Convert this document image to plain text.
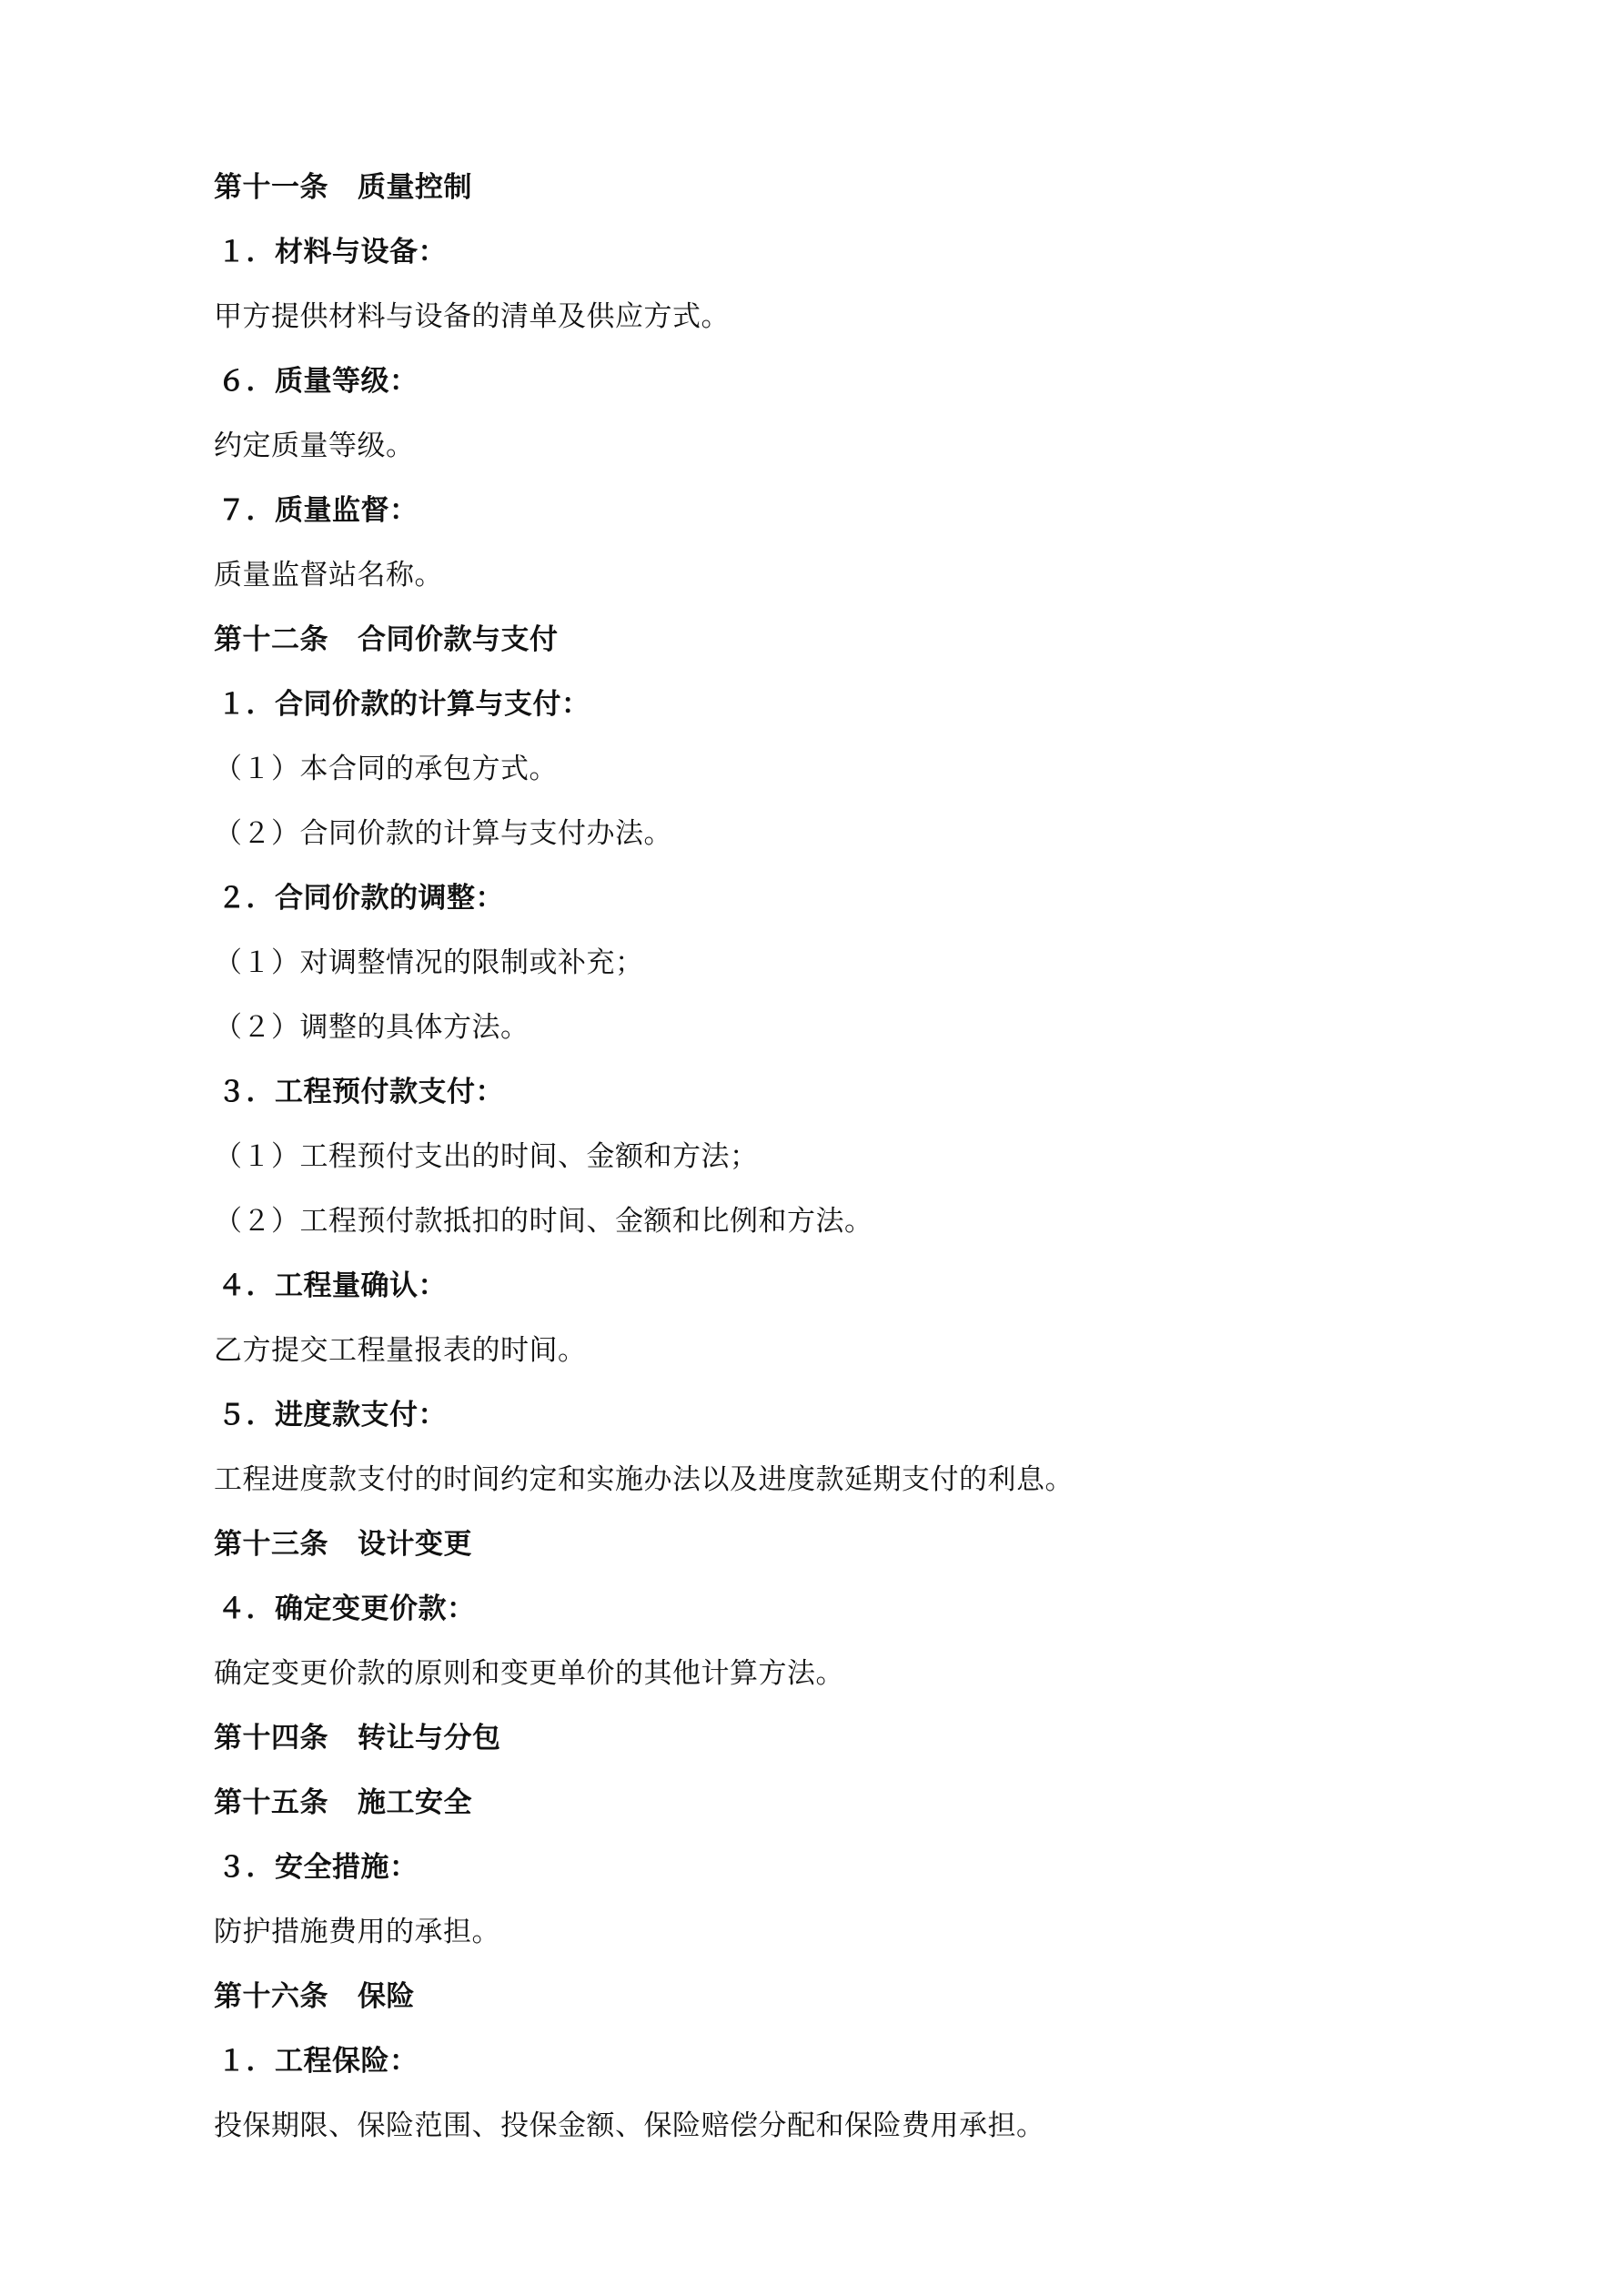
第十一条 质量控制
１．材料与设备：
甲方提供材料与设备的清单及供应方式。
６．质量等级：
约定质量等级。
７．质量监督：
质量监督站名称。
第十二条 合同价款与支付
１．合同价款的计算与支付：
（１）本合同的承包方式。
（２）合同价款的计算与支付办法。
２．合同价款的调整：
（１）对调整情况的限制或补充；
（２）调整的具体方法。
３．工程预付款支付：
（１）工程预付支出的时间、金额和方法；
（２）工程预付款抵扣的时间、金额和比例和方法。
４．工程量确认：
乙方提交工程量报表的时间。
５．进度款支付：
工程进度款支付的时间约定和实施办法以及进度款延期支付的利息。
第十三条 设计变更
４．确定变更价款：
确定变更价款的原则和变更单价的其他计算方法。
第十四条 转让与分包
第十五条 施工安全
３．安全措施：
防护措施费用的承担。
第十六条 保险
１．工程保险：
投保期限、保险范围、投保金额、保险赔偿分配和保险费用承担。
